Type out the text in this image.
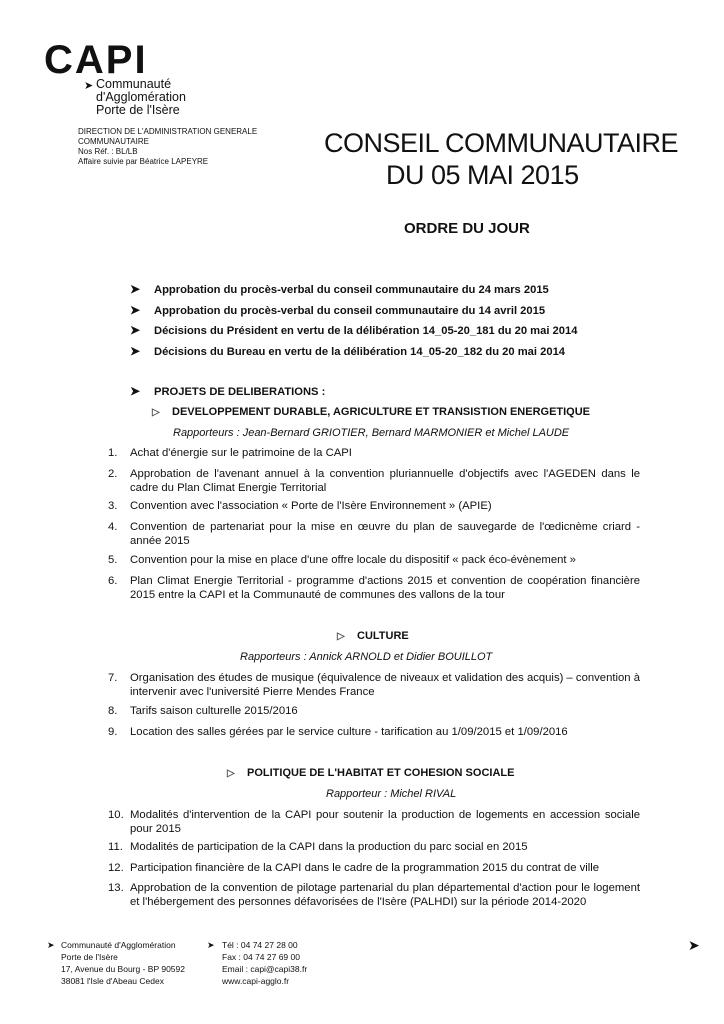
CAPI
➤ Communauté
d'Agglomération
Porte de l'Isère
DIRECTION DE L'ADMINISTRATION GENERALE
COMMUNAUTAIRE
Nos Réf. : BL/LB
Affaire suivie par Béatrice LAPEYRE
CONSEIL COMMUNAUTAIRE
DU 05 MAI 2015
ORDRE DU JOUR
➤ Approbation du procès-verbal du conseil communautaire du 24 mars 2015
➤ Approbation du procès-verbal du conseil communautaire du 14 avril 2015
➤ Décisions du Président en vertu de la délibération 14_05-20_181 du 20 mai 2014
➤ Décisions du Bureau en vertu de la délibération 14_05-20_182 du 20 mai 2014
➤ PROJETS DE DELIBERATIONS :
▷ DEVELOPPEMENT DURABLE, AGRICULTURE ET TRANSISTION ENERGETIQUE
Rapporteurs : Jean-Bernard GRIOTIER, Bernard MARMONIER et Michel LAUDE
1. Achat d'énergie sur le patrimoine de la CAPI
2. Approbation de l'avenant annuel à la convention pluriannuelle d'objectifs avec l'AGEDEN dans le cadre du Plan Climat Energie Territorial
3. Convention avec l'association « Porte de l'Isère Environnement » (APIE)
4. Convention de partenariat pour la mise en œuvre du plan de sauvegarde de l'œdicnème criard - année 2015
5. Convention pour la mise en place d'une offre locale du dispositif « pack éco-évènement »
6. Plan Climat Energie Territorial - programme d'actions 2015 et convention de coopération financière 2015 entre la CAPI et la Communauté de communes des vallons de la tour
▷ CULTURE
Rapporteurs : Annick ARNOLD et Didier BOUILLOT
7. Organisation des études de musique (équivalence de niveaux et validation des acquis) – convention à intervenir avec l'université Pierre Mendes France
8. Tarifs saison culturelle 2015/2016
9. Location des salles gérées par le service culture - tarification au 1/09/2015 et 1/09/2016
▷ POLITIQUE DE L'HABITAT ET COHESION SOCIALE
Rapporteur : Michel RIVAL
10. Modalités d'intervention de la CAPI pour soutenir la production de logements en accession sociale pour 2015
11. Modalités de participation de la CAPI dans la production du parc social en 2015
12. Participation financière de la CAPI dans le cadre de la programmation 2015 du contrat de ville
13. Approbation de la convention de pilotage partenarial du plan départemental d'action pour le logement et l'hébergement des personnes défavorisées de l'Isère (PALHDI) sur la période 2014-2020
➤ Communauté d'Agglomération
Porte de l'Isère
17, Avenue du Bourg - BP 90592
38081 l'Isle d'Abeau Cedex
➤ Tél : 04 74 27 28 00
Fax : 04 74 27 69 00
Email : capi@capi38.fr
www.capi-agglo.fr
➤
